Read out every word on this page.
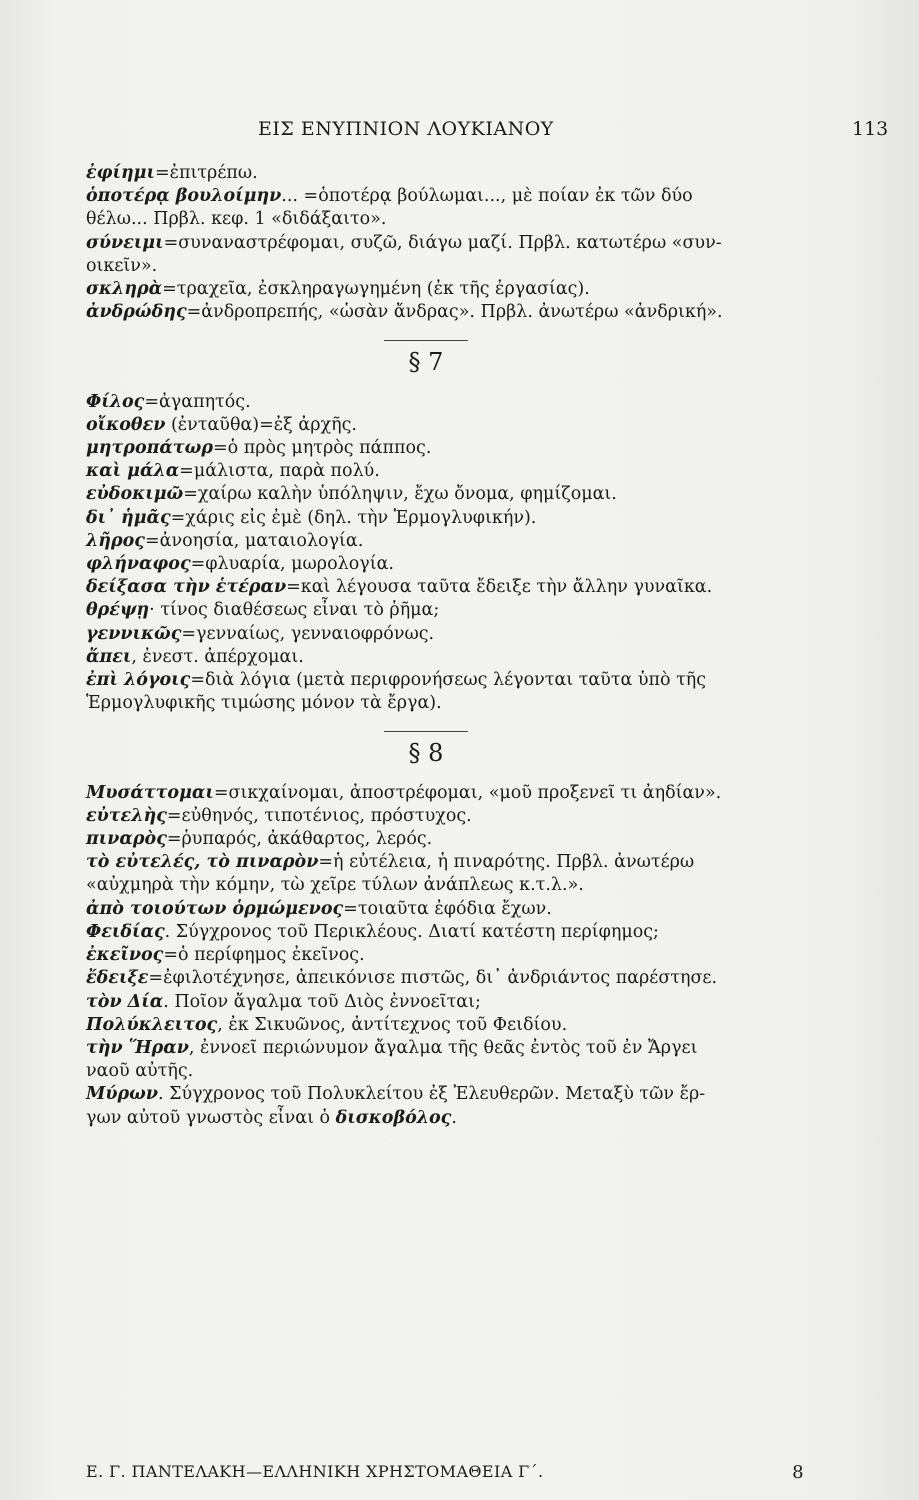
ΕΙΣ ΕΝΥΠΝΙΟΝ ΛΟΥΚΙΑΝΟΥ	113

ἐφίημι=ἐπιτρέπω.

ὁποτέρᾳ βουλοίμην... =ὁποτέρᾳ βούλωμαι..., μὲ ποίαν ἐκ τῶν δύο

θέλω... Πρβλ. κεφ. 1 «διδάξαιτο».

σύνειμι=συναναστρέφομαι, συζῶ, διάγω μαζί. Πρβλ. κατωτέρω «συν-

οικεῖν».

σκληρὰ=τραχεῖα, ἐσκληραγωγημένη (ἐκ τῆς ἐργασίας).

ἀνδρώδης=ἀνδροπρεπής, «ὡσὰν ἄνδρας». Πρβλ. ἀνωτέρω «ἀνδρική».

§ 7

Φίλος=ἀγαπητός.

οἴκοθεν (ἐνταῦθα)=ἐξ ἀρχῆς.

μητροπάτωρ=ὁ πρὸς μητρὸς πάππος.

καὶ μάλα=μάλιστα, παρὰ πολύ.

εὐδοκιμῶ=χαίρω καλὴν ὑπόληψιν, ἔχω ὄνομα, φημίζομαι.

δι᾽ ἡμᾶς=χάρις εἰς ἐμὲ (δηλ. τὴν Ἑρμογλυφικήν).

λῆρος=ἀνοησία, ματαιολογία.

φλήναφος=φλυαρία, μωρολογία.

δείξασα τὴν ἑτέραν=καὶ λέγουσα ταῦτα ἔδειξε τὴν ἄλλην γυναῖκα.

θρέψῃ· τίνος διαθέσεως εἶναι τὸ ῥῆμα;

γεννικῶς=γενναίως, γενναιοφρόνως.

ἄπει, ἐνεστ. ἀπέρχομαι.

ἐπὶ λόγοις=διὰ λόγια (μετὰ περιφρονήσεως λέγονται ταῦτα ὑπὸ τῆς

Ἑρμογλυφικῆς τιμώσης μόνον τὰ ἔργα).

§ 8

Μυσάττομαι=σικχαίνομαι, ἀποστρέφομαι, «μοῦ προξενεῖ τι ἀηδίαν».

εὐτελὴς=εὐθηνός, τιποτένιος, πρόστυχος.

πιναρὸς=ῥυπαρός, ἀκάθαρτος, λερός.

τὸ εὐτελές, τὸ πιναρὸν=ἡ εὐτέλεια, ἡ πιναρότης. Πρβλ. ἀνωτέρω

«αὐχμηρὰ τὴν κόμην, τὼ χεῖρε τύλων ἀνάπλεως κ.τ.λ.».

ἀπὸ τοιούτων ὁρμώμενος=τοιαῦτα ἐφόδια ἔχων.

Φειδίας. Σύγχρονος τοῦ Περικλέους. Διατί κατέστη περίφημος;

ἐκεῖνος=ὁ περίφημος ἐκεῖνος.

ἔδειξε=ἐφιλοτέχνησε, ἀπεικόνισε πιστῶς, δι᾽ ἀνδριάντος παρέστησε.

τὸν Δία. Ποῖον ἄγαλμα τοῦ Διὸς ἐννοεῖται;

Πολύκλειτος, ἐκ Σικυῶνος, ἀντίτεχνος τοῦ Φειδίου.

τὴν Ἥραν, ἐννοεῖ περιώνυμον ἄγαλμα τῆς θεᾶς ἐντὸς τοῦ ἐν Ἄργει

ναοῦ αὐτῆς.

Μύρων. Σύγχρονος τοῦ Πολυκλείτου ἐξ Ἐλευθερῶν. Μεταξὺ τῶν ἔρ-

γων αὐτοῦ γνωστὸς εἶναι ὁ δισκοβόλος.

Ε. Γ. ΠΑΝΤΕΛΑΚΗ—ΕΛΛΗΝΙΚΗ ΧΡΗΣΤΟΜΑΘΕΙΑ Γ΄.	8
